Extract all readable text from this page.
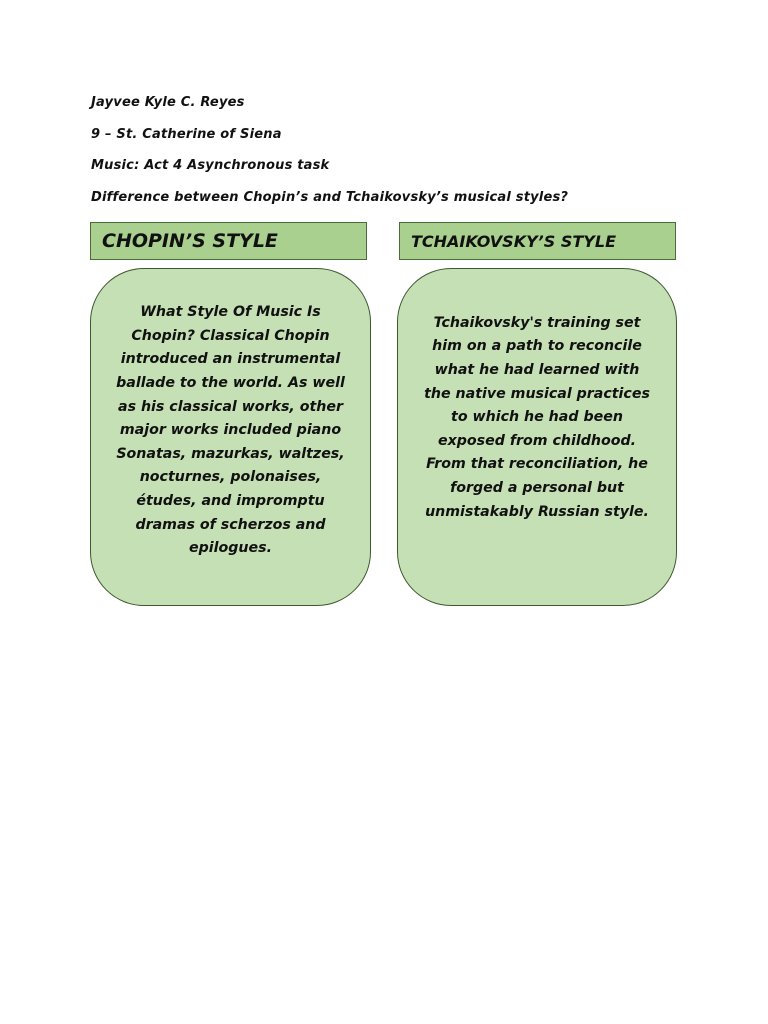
Jayvee Kyle C. Reyes
9 – St. Catherine of Siena
Music: Act 4 Asynchronous task
Difference between Chopin’s and Tchaikovsky’s musical styles?
CHOPIN’S STYLE	TCHAIKOVSKY’S STYLE
What Style Of Music Is Chopin? Classical Chopin introduced an instrumental ballade to the world. As well as his classical works, other major works included piano Sonatas, mazurkas, waltzes, nocturnes, polonaises, études, and impromptu dramas of scherzos and epilogues.
Tchaikovsky's training set him on a path to reconcile what he had learned with the native musical practices to which he had been exposed from childhood. From that reconciliation, he forged a personal but unmistakably Russian style.
